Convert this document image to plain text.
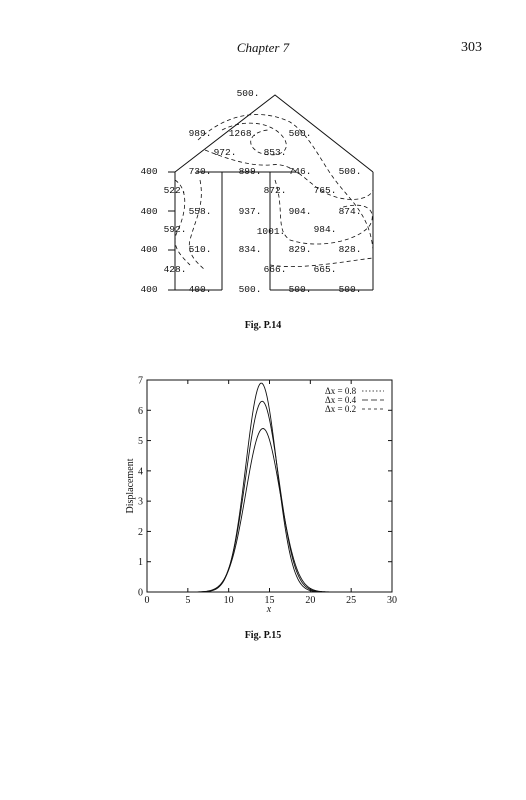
Chapter 7	303
500.
989. 1268.	500.
972.	853.
400	730.	899.	746.	500.
522.	872.	765.
400	558.	937.	904.	874.
592.	1001.	984.
400	510.	834.	829.	828.
428.	666.	665.
400	400.	500.	500.	500.
Fig. P.14
0	5	10	15	20	25	30
0
1
2
3
4
5
6
7
Δx = 0.8
Δx = 0.4
Δx = 0.2
x
Displacement
Fig. P.15
